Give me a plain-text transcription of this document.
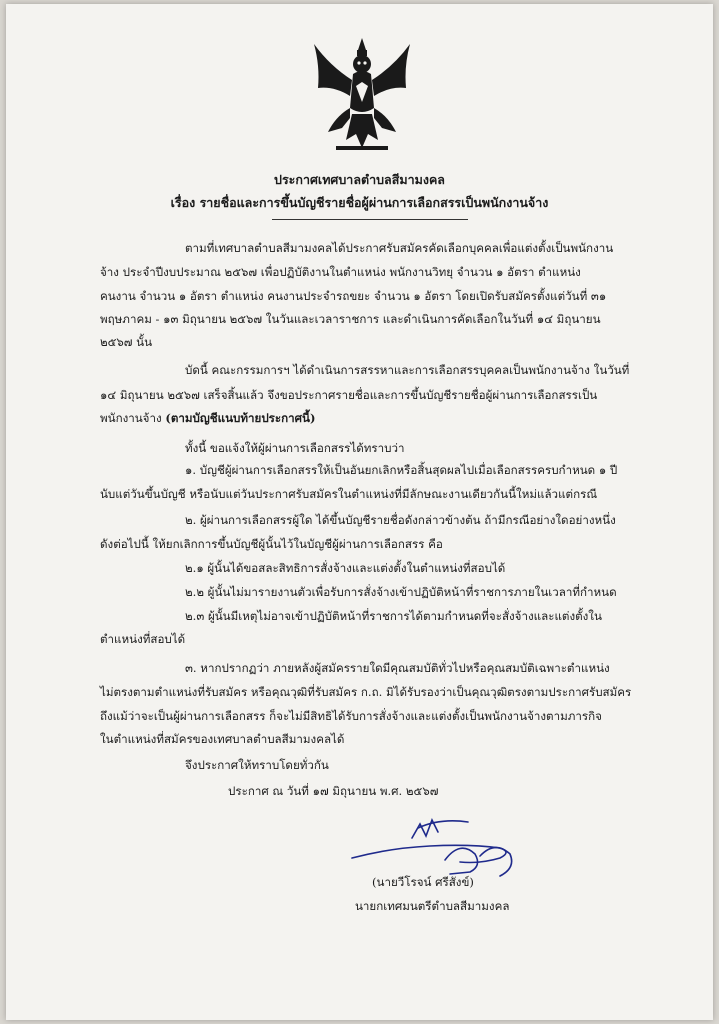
ประกาศเทศบาลตำบลสีมามงคล
เรื่อง รายชื่อและการขึ้นบัญชีรายชื่อผู้ผ่านการเลือกสรรเป็นพนักงานจ้าง
ตามที่เทศบาลตำบลสีมามงคลได้ประกาศรับสมัครคัดเลือกบุคคลเพื่อแต่งตั้งเป็นพนักงาน
จ้าง ประจำปีงบประมาณ ๒๕๖๗ เพื่อปฏิบัติงานในตำแหน่ง พนักงานวิทยุ จำนวน ๑ อัตรา ตำแหน่ง
คนงาน จำนวน ๑ อัตรา ตำแหน่ง คนงานประจำรถขยะ จำนวน ๑ อัตรา โดยเปิดรับสมัครตั้งแต่วันที่ ๓๑
พฤษภาคม - ๑๓ มิถุนายน ๒๕๖๗ ในวันและเวลาราชการ และดำเนินการคัดเลือกในวันที่ ๑๔ มิถุนายน
๒๕๖๗ นั้น
บัดนี้ คณะกรรมการฯ ได้ดำเนินการสรรหาและการเลือกสรรบุคคลเป็นพนักงานจ้าง ในวันที่
๑๔ มิถุนายน ๒๕๖๗ เสร็จสิ้นแล้ว จึงขอประกาศรายชื่อและการขึ้นบัญชีรายชื่อผู้ผ่านการเลือกสรรเป็น
พนักงานจ้าง (ตามบัญชีแนบท้ายประกาศนี้)
ทั้งนี้ ขอแจ้งให้ผู้ผ่านการเลือกสรรได้ทราบว่า
๑. บัญชีผู้ผ่านการเลือกสรรให้เป็นอันยกเลิกหรือสิ้นสุดผลไปเมื่อเลือกสรรครบกำหนด ๑ ปี
นับแต่วันขึ้นบัญชี หรือนับแต่วันประกาศรับสมัครในตำแหน่งที่มีลักษณะงานเดียวกันนี้ใหม่แล้วแต่กรณี
๒. ผู้ผ่านการเลือกสรรผู้ใด ได้ขึ้นบัญชีรายชื่อดังกล่าวข้างต้น ถ้ามีกรณีอย่างใดอย่างหนึ่ง
ดังต่อไปนี้ ให้ยกเลิกการขึ้นบัญชีผู้นั้นไว้ในบัญชีผู้ผ่านการเลือกสรร คือ
๒.๑ ผู้นั้นได้ขอสละสิทธิการสั่งจ้างและแต่งตั้งในตำแหน่งที่สอบได้
๒.๒ ผู้นั้นไม่มารายงานตัวเพื่อรับการสั่งจ้างเข้าปฏิบัติหน้าที่ราชการภายในเวลาที่กำหนด
๒.๓ ผู้นั้นมีเหตุไม่อาจเข้าปฏิบัติหน้าที่ราชการได้ตามกำหนดที่จะสั่งจ้างและแต่งตั้งใน
ตำแหน่งที่สอบได้
๓. หากปรากฏว่า ภายหลังผู้สมัครรายใดมีคุณสมบัติทั่วไปหรือคุณสมบัติเฉพาะตำแหน่ง
ไม่ตรงตามตำแหน่งที่รับสมัคร หรือคุณวุฒิที่รับสมัคร ก.ถ. มิได้รับรองว่าเป็นคุณวุฒิตรงตามประกาศรับสมัคร
ถึงแม้ว่าจะเป็นผู้ผ่านการเลือกสรร ก็จะไม่มีสิทธิได้รับการสั่งจ้างและแต่งตั้งเป็นพนักงานจ้างตามภารกิจ
ในตำแหน่งที่สมัครของเทศบาลตำบลสีมามงคลได้
จึงประกาศให้ทราบโดยทั่วกัน
ประกาศ ณ วันที่ ๑๗ มิถุนายน พ.ศ. ๒๕๖๗
(นายวีโรจน์ ศรีสังข์)
นายกเทศมนตรีตำบลสีมามงคล
